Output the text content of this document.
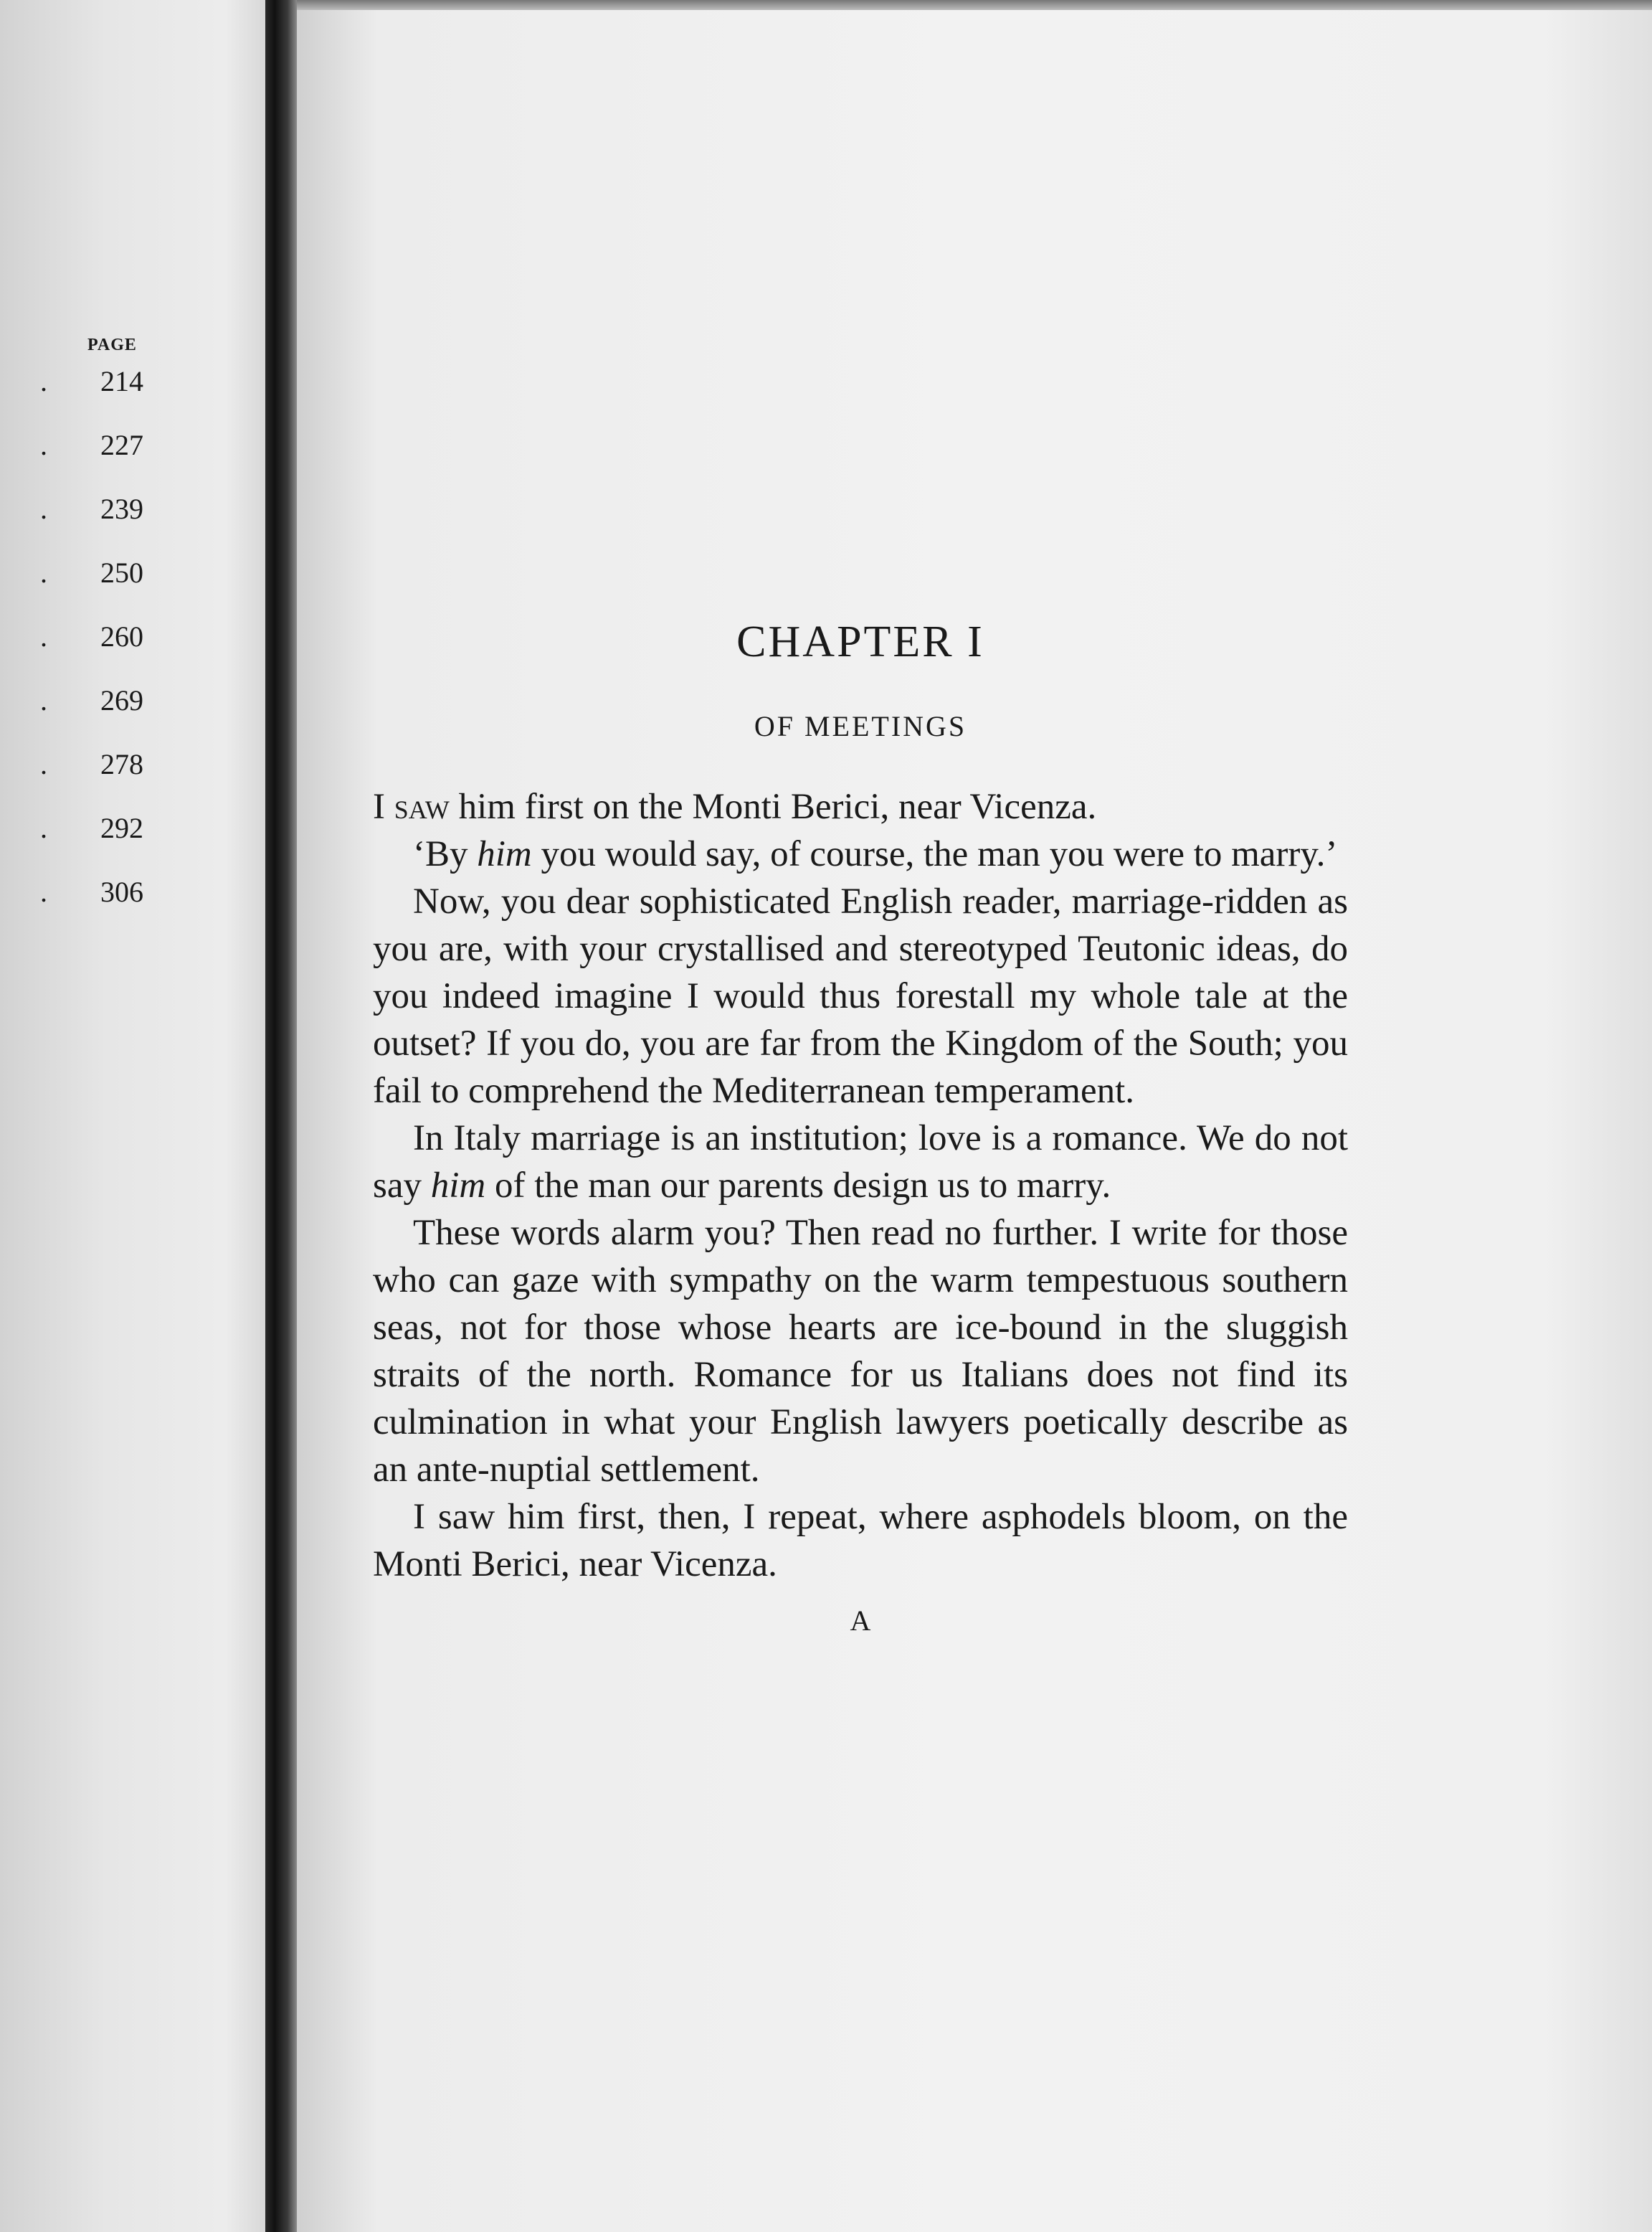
PAGE
.	214
.	227
.	239
.	250
.	260
.	269
.	278
.	292
.	306
CHAPTER I
OF MEETINGS

I saw him first on the Monti Berici, near Vicenza.

‘By him you would say, of course, the man you were to marry.’

Now, you dear sophisticated English reader, marriage-ridden as you are, with your crystallised and stereotyped Teutonic ideas, do you indeed imagine I would thus forestall my whole tale at the outset? If you do, you are far from the Kingdom of the South; you fail to comprehend the Mediterranean temperament.

In Italy marriage is an institution; love is a romance. We do not say him of the man our parents design us to marry.

These words alarm you? Then read no further. I write for those who can gaze with sympathy on the warm tempestuous southern seas, not for those whose hearts are ice-bound in the sluggish straits of the north. Romance for us Italians does not find its culmination in what your English lawyers poetically describe as an ante-nuptial settlement.

I saw him first, then, I repeat, where asphodels bloom, on the Monti Berici, near Vicenza.

A
